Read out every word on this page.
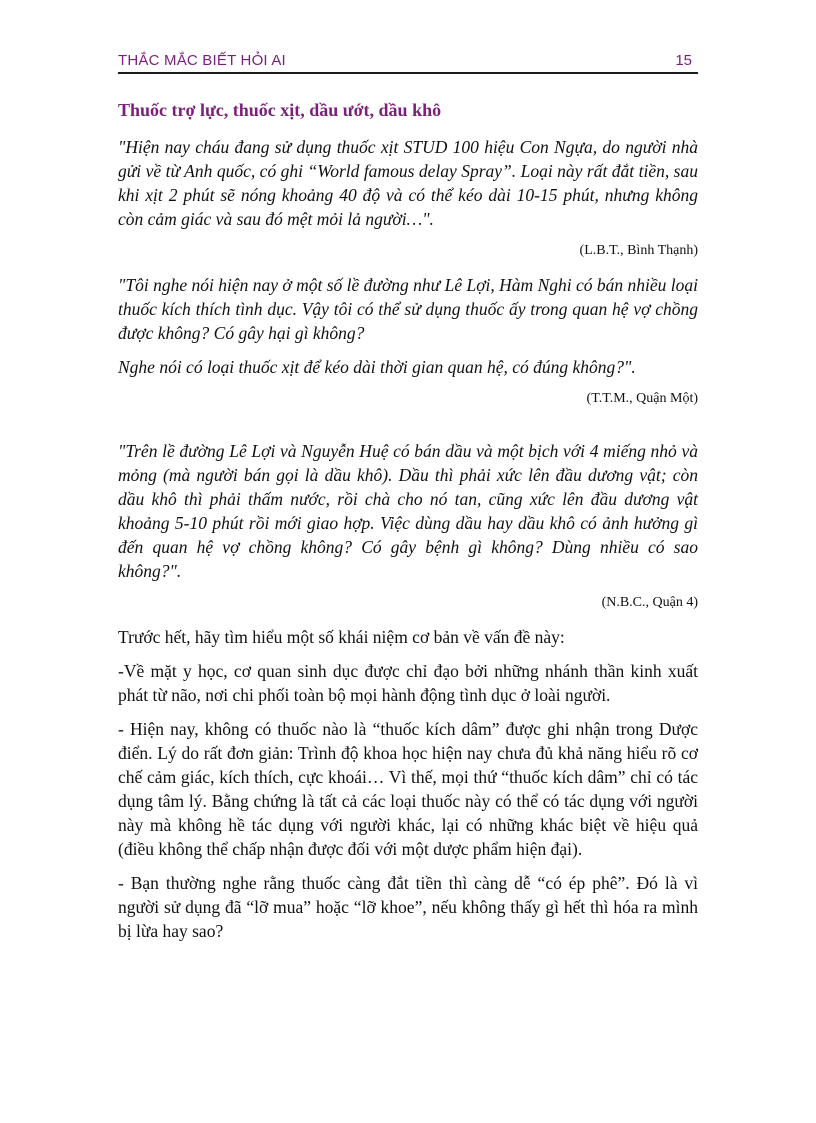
THẮC MẮC BIẾT HỎI AI	15
Thuốc trợ lực, thuốc xịt, dầu ướt, dầu khô

"Hiện nay cháu đang sử dụng thuốc xịt STUD 100 hiệu Con Ngựa, do người nhà gửi về từ Anh quốc, có ghi “World famous delay Spray”. Loại này rất đắt tiền, sau khi xịt 2 phút sẽ nóng khoảng 40 độ và có thể kéo dài 10-15 phút, nhưng không còn cảm giác và sau đó mệt mỏi lả người…".

(L.B.T., Bình Thạnh)

"Tôi nghe nói hiện nay ở một số lề đường như Lê Lợi, Hàm Nghi có bán nhiều loại thuốc kích thích tình dục. Vậy tôi có thể sử dụng thuốc ấy trong quan hệ vợ chồng được không? Có gây hại gì không?

Nghe nói có loại thuốc xịt để kéo dài thời gian quan hệ, có đúng không?".

(T.T.M., Quận Một)

"Trên lề đường Lê Lợi và Nguyễn Huệ có bán dầu và một bịch với 4 miếng nhỏ và mỏng (mà người bán gọi là dầu khô). Dầu thì phải xức lên đầu dương vật; còn dầu khô thì phải thấm nước, rồi chà cho nó tan, cũng xức lên đầu dương vật khoảng 5-10 phút rồi mới giao hợp. Việc dùng dầu hay dầu khô có ảnh hưởng gì đến quan hệ vợ chồng không? Có gây bệnh gì không? Dùng nhiều có sao không?".

(N.B.C., Quận 4)

Trước hết, hãy tìm hiểu một số khái niệm cơ bản về vấn đề này:

-Về mặt y học, cơ quan sinh dục được chỉ đạo bởi những nhánh thần kinh xuất phát từ não, nơi chi phối toàn bộ mọi hành động tình dục ở loài người.

- Hiện nay, không có thuốc nào là “thuốc kích dâm” được ghi nhận trong Dược điển. Lý do rất đơn giản: Trình độ khoa học hiện nay chưa đủ khả năng hiểu rõ cơ chế cảm giác, kích thích, cực khoái… Vì thế, mọi thứ “thuốc kích dâm” chỉ có tác dụng tâm lý. Bằng chứng là tất cả các loại thuốc này có thể có tác dụng với người này mà không hề tác dụng với người khác, lại có những khác biệt về hiệu quả (điều không thể chấp nhận được đối với một dược phẩm hiện đại).

- Bạn thường nghe rằng thuốc càng đắt tiền thì càng dễ “có ép phê”. Đó là vì người sử dụng đã “lỡ mua” hoặc “lỡ khoe”, nếu không thấy gì hết thì hóa ra mình bị lừa hay sao?
